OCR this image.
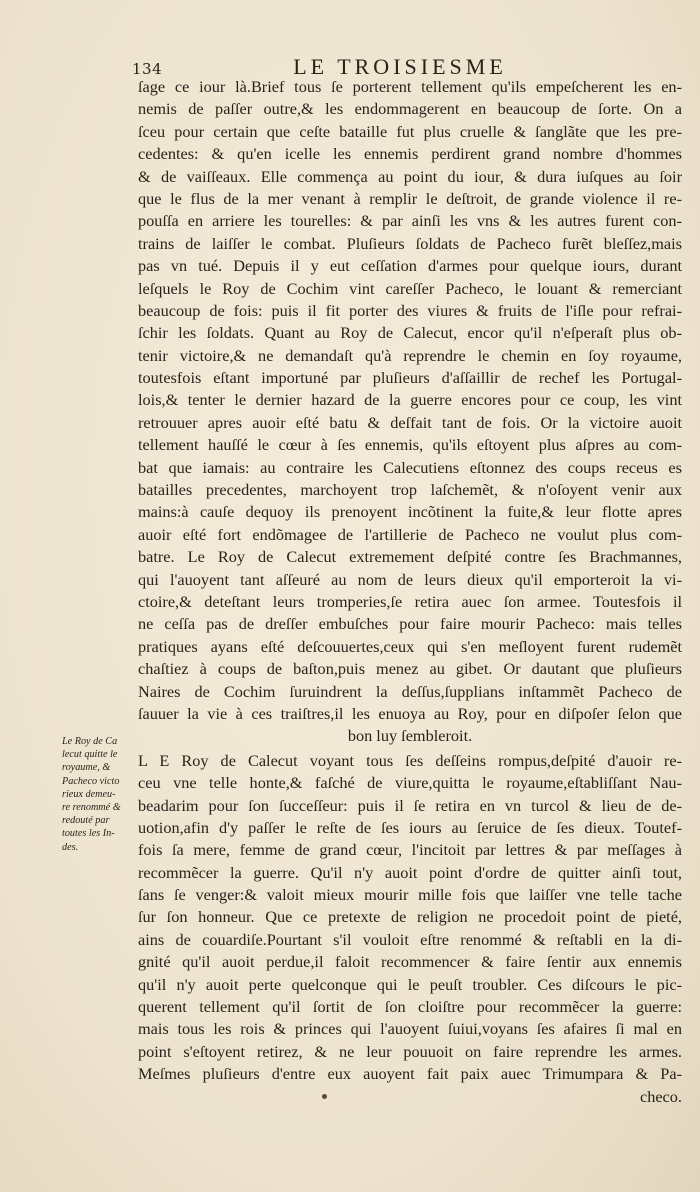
134	LE TROISIESME
ſage ce iour là.Brief tous ſe porterent tellement qu'ils empeſcherent les en-
nemis de paſſer outre,& les endommagerent en beaucoup de ſorte. On a
ſceu pour certain que ceſte bataille fut plus cruelle & ſanglãte que les pre-
cedentes: & qu'en icelle les ennemis perdirent grand nombre d'hommes
& de vaiſſeaux. Elle commença au point du iour, & dura iuſques au ſoir
que le flus de la mer venant à remplir le deſtroit, de grande violence il re-
pouſſa en arriere les tourelles: & par ainſi les vns & les autres furent con-
trains de laiſſer le combat. Pluſieurs ſoldats de Pacheco furẽt bleſſez,mais
pas vn tué. Depuis il y eut ceſſation d'armes pour quelque iours, durant
leſquels le Roy de Cochim vint careſſer Pacheco, le louant & remerciant
beaucoup de fois: puis il fit porter des viures & fruits de l'iſle pour refrai-
ſchir les ſoldats. Quant au Roy de Calecut, encor qu'il n'eſperaſt plus ob-
tenir victoire,& ne demandaſt qu'à reprendre le chemin en ſoy royaume,
toutesfois eſtant importuné par pluſieurs d'aſſaillir de rechef les Portugal-
lois,& tenter le dernier hazard de la guerre encores pour ce coup, les vint
retrouuer apres auoir eſté batu & deſfait tant de fois. Or la victoire auoit
tellement hauſſé le cœur à ſes ennemis, qu'ils eſtoyent plus aſpres au com-
bat que iamais: au contraire les Calecutiens eſtonnez des coups receus es
batailles precedentes, marchoyent trop laſchemẽt, & n'oſoyent venir aux
mains:à cauſe dequoy ils prenoyent incõtinent la fuite,& leur flotte apres
auoir eſté fort endõmagee de l'artillerie de Pacheco ne voulut plus com-
batre. Le Roy de Calecut extremement deſpité contre ſes Brachmannes,
qui l'auoyent tant aſſeuré au nom de leurs dieux qu'il emporteroit la vi-
ctoire,& deteſtant leurs tromperies,ſe retira auec ſon armee. Toutesfois il
ne ceſſa pas de dreſſer embuſches pour faire mourir Pacheco: mais telles
pratiques ayans eſté deſcouuertes,ceux qui s'en meſloyent furent rudemẽt
chaſtiez à coups de baſton,puis menez au gibet. Or dautant que pluſieurs
Naires de Cochim ſuruindrent la deſſus,ſupplians inſtammẽt Pacheco de
ſauuer la vie à ces traiſtres,il les enuoya au Roy, pour en diſpoſer ſelon que
bon luy ſembleroit.
L E Roy de Calecut voyant tous ſes deſſeins rompus,deſpité d'auoir re-
ceu vne telle honte,& faſché de viure,quitta le royaume,eſtabliſſant Nau-
beadarim pour ſon ſucceſſeur: puis il ſe retira en vn turcol & lieu de de-
uotion,afin d'y paſſer le reſte de ſes iours au ſeruice de ſes dieux. Toutef-
fois ſa mere, femme de grand cœur, l'incitoit par lettres & par meſſages à
recommẽcer la guerre. Qu'il n'y auoit point d'ordre de quitter ainſi tout,
ſans ſe venger:& valoit mieux mourir mille fois que laiſſer vne telle tache
ſur ſon honneur. Que ce pretexte de religion ne procedoit point de pieté,
ains de couardiſe.Pourtant s'il vouloit eſtre renommé & reſtabli en la di-
gnité qu'il auoit perdue,il faloit recommencer & faire ſentir aux ennemis
qu'il n'y auoit perte quelconque qui le peuſt troubler. Ces diſcours le pic-
querent tellement qu'il ſortit de ſon cloiſtre pour recommẽcer la guerre:
mais tous les rois & princes qui l'auoyent ſuiui,voyans ſes afaires ſi mal en
point s'eſtoyent retirez, & ne leur pouuoit on faire reprendre les armes.
Meſmes pluſieurs d'entre eux auoyent fait paix auec Trimumpara & Pa-
checo.
Le Roy de Ca
lecut quitte le
royaume, &
Pacheco victo
rieux demeu-
re renommé &
redouté par
toutes les In-
des.
